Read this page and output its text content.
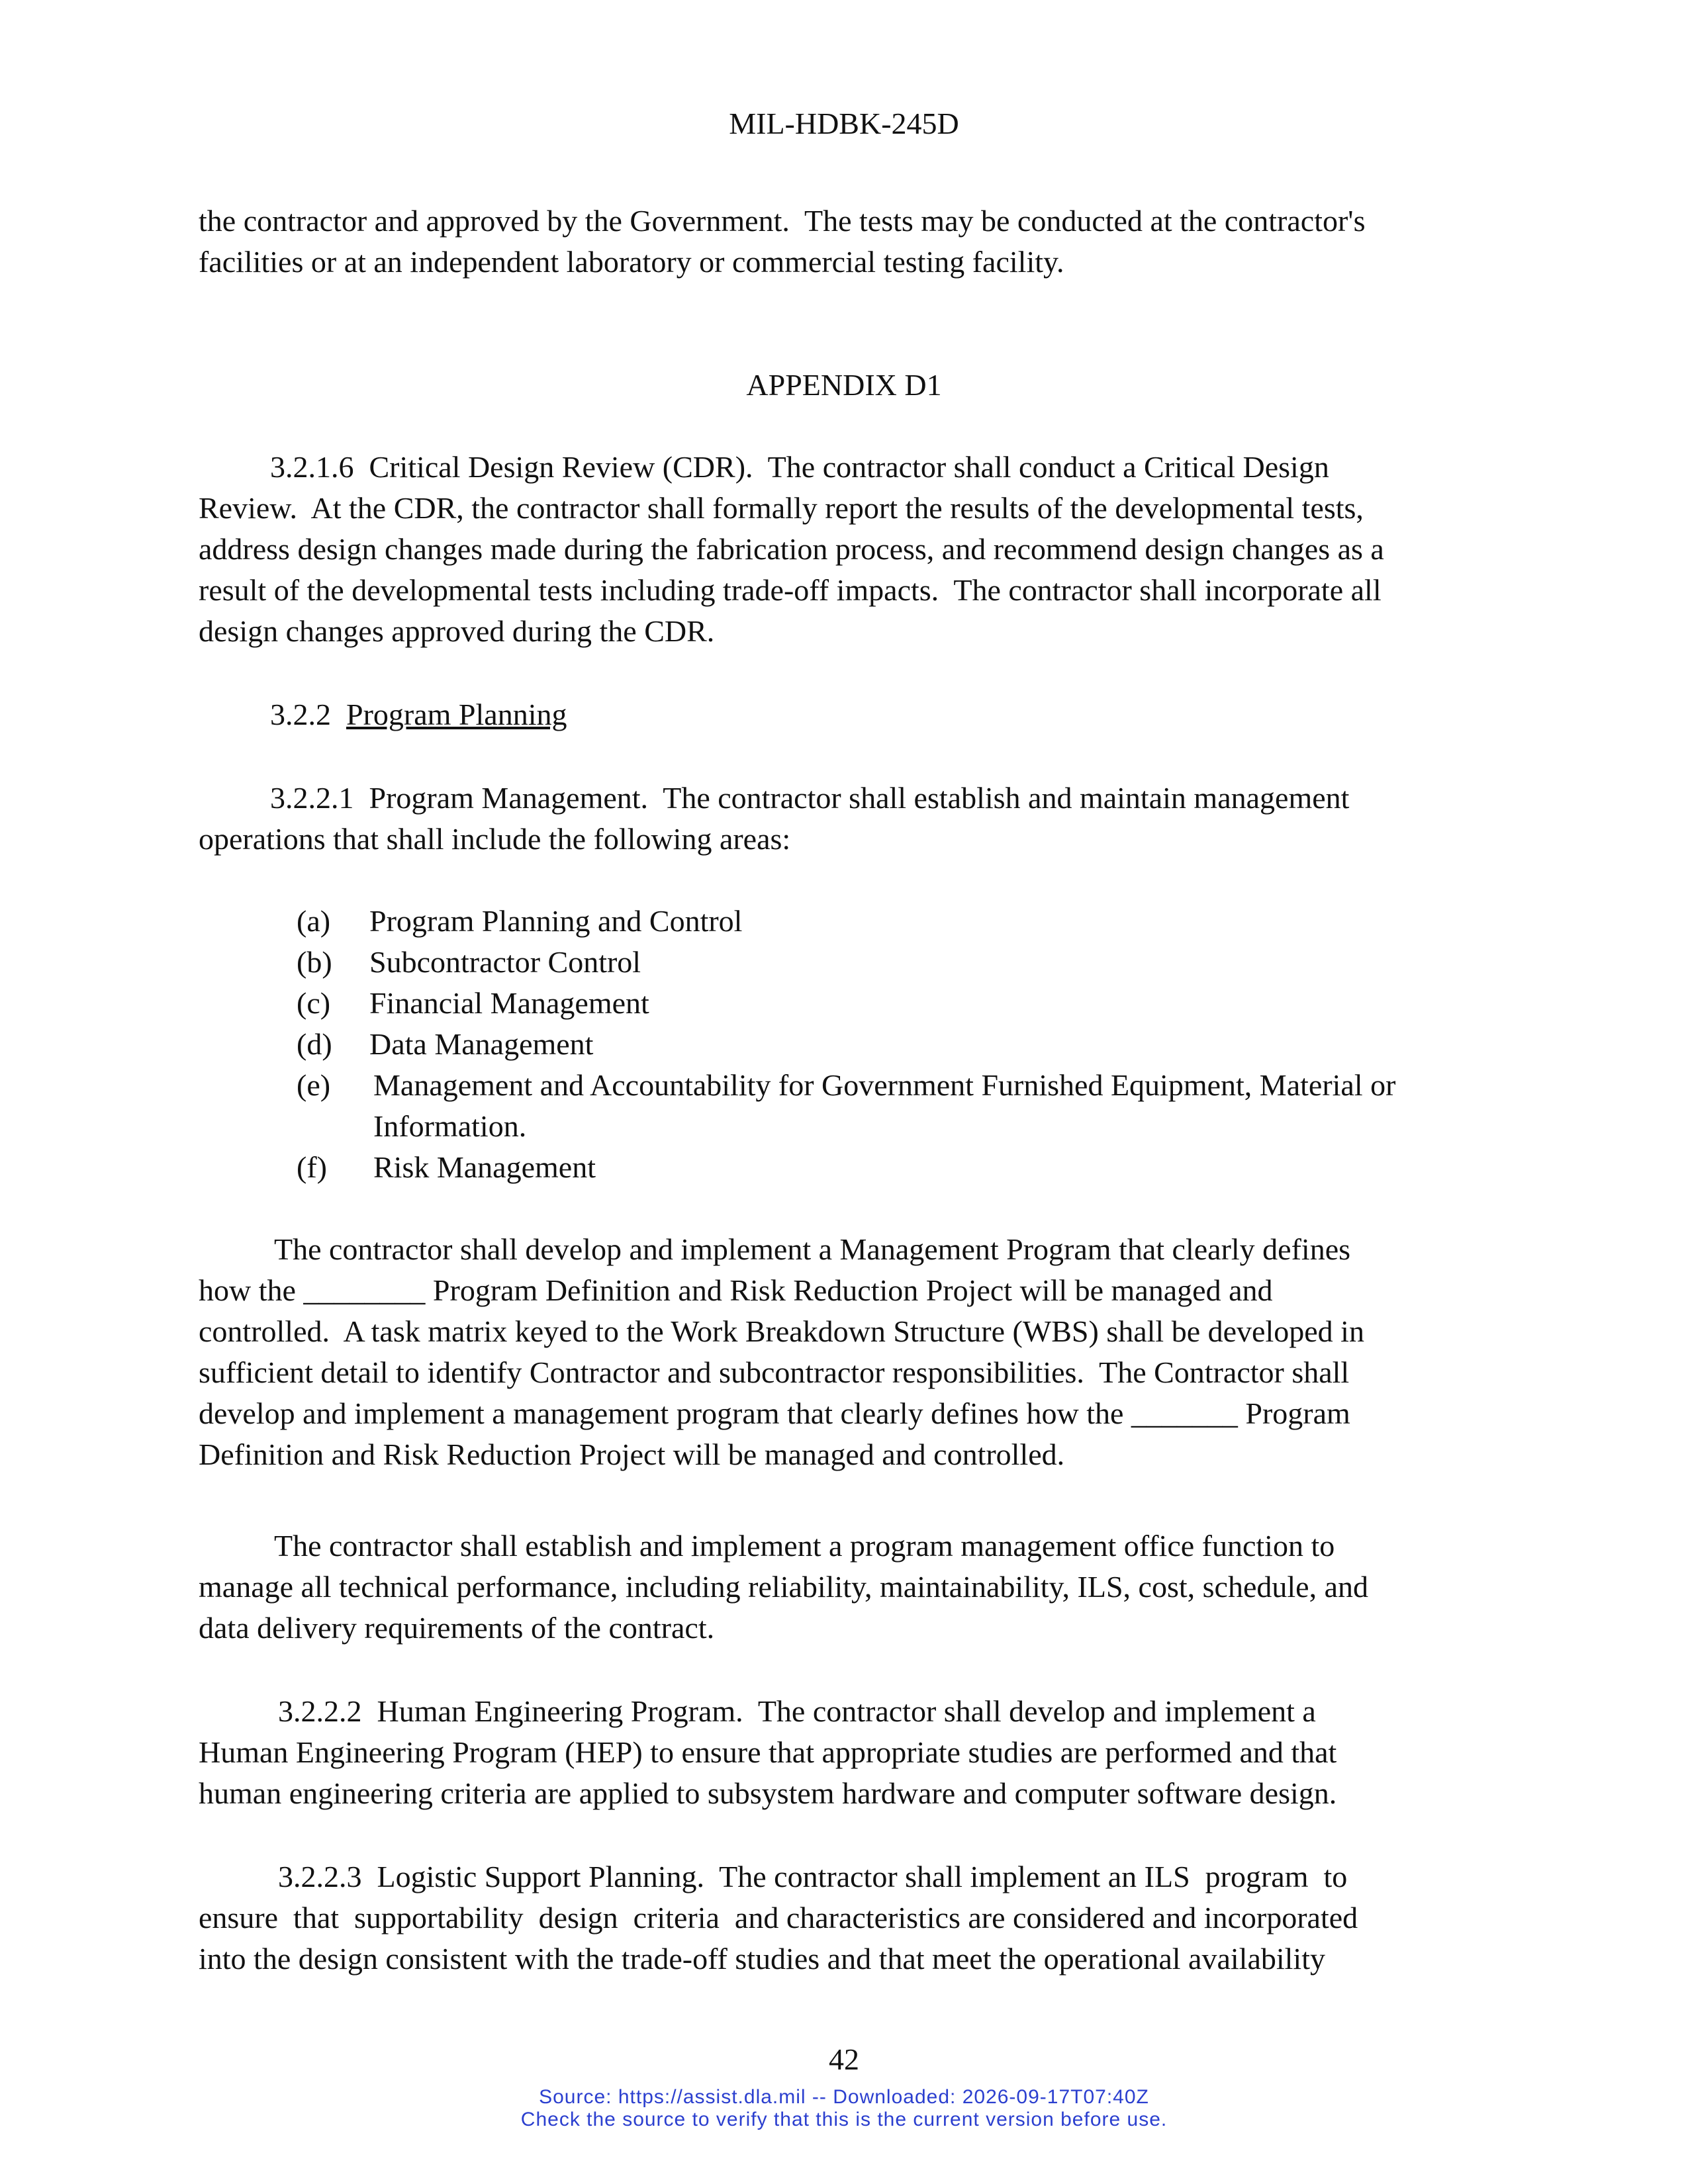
MIL-HDBK-245D
the contractor and approved by the Government.  The tests may be conducted at the contractor's
facilities or at an independent laboratory or commercial testing facility.
APPENDIX D1
3.2.1.6  Critical Design Review (CDR).  The contractor shall conduct a Critical Design
Review.  At the CDR, the contractor shall formally report the results of the developmental tests,
address design changes made during the fabrication process, and recommend design changes as a
result of the developmental tests including trade-off impacts.  The contractor shall incorporate all
design changes approved during the CDR.
3.2.2 Program Planning
3.2.2.1  Program Management.  The contractor shall establish and maintain management
operations that shall include the following areas:
(a) Program Planning and Control
(b) Subcontractor Control
(c) Financial Management
(d) Data Management
(e) Management and Accountability for Government Furnished Equipment, Material or
Information.
(f) Risk Management
The contractor shall develop and implement a Management Program that clearly defines
how the ________ Program Definition and Risk Reduction Project will be managed and
controlled.  A task matrix keyed to the Work Breakdown Structure (WBS) shall be developed in
sufficient detail to identify Contractor and subcontractor responsibilities.  The Contractor shall
develop and implement a management program that clearly defines how the _______ Program
Definition and Risk Reduction Project will be managed and controlled.
The contractor shall establish and implement a program management office function to
manage all technical performance, including reliability, maintainability, ILS, cost, schedule, and
data delivery requirements of the contract.
3.2.2.2  Human Engineering Program.  The contractor shall develop and implement a
Human Engineering Program (HEP) to ensure that appropriate studies are performed and that
human engineering criteria are applied to subsystem hardware and computer software design.
3.2.2.3  Logistic Support Planning.  The contractor shall implement an ILS  program  to
ensure  that  supportability  design  criteria  and characteristics are considered and incorporated
into the design consistent with the trade-off studies and that meet the operational availability
42
Source: https://assist.dla.mil -- Downloaded: 2026-09-17T07:40Z
Check the source to verify that this is the current version before use.
